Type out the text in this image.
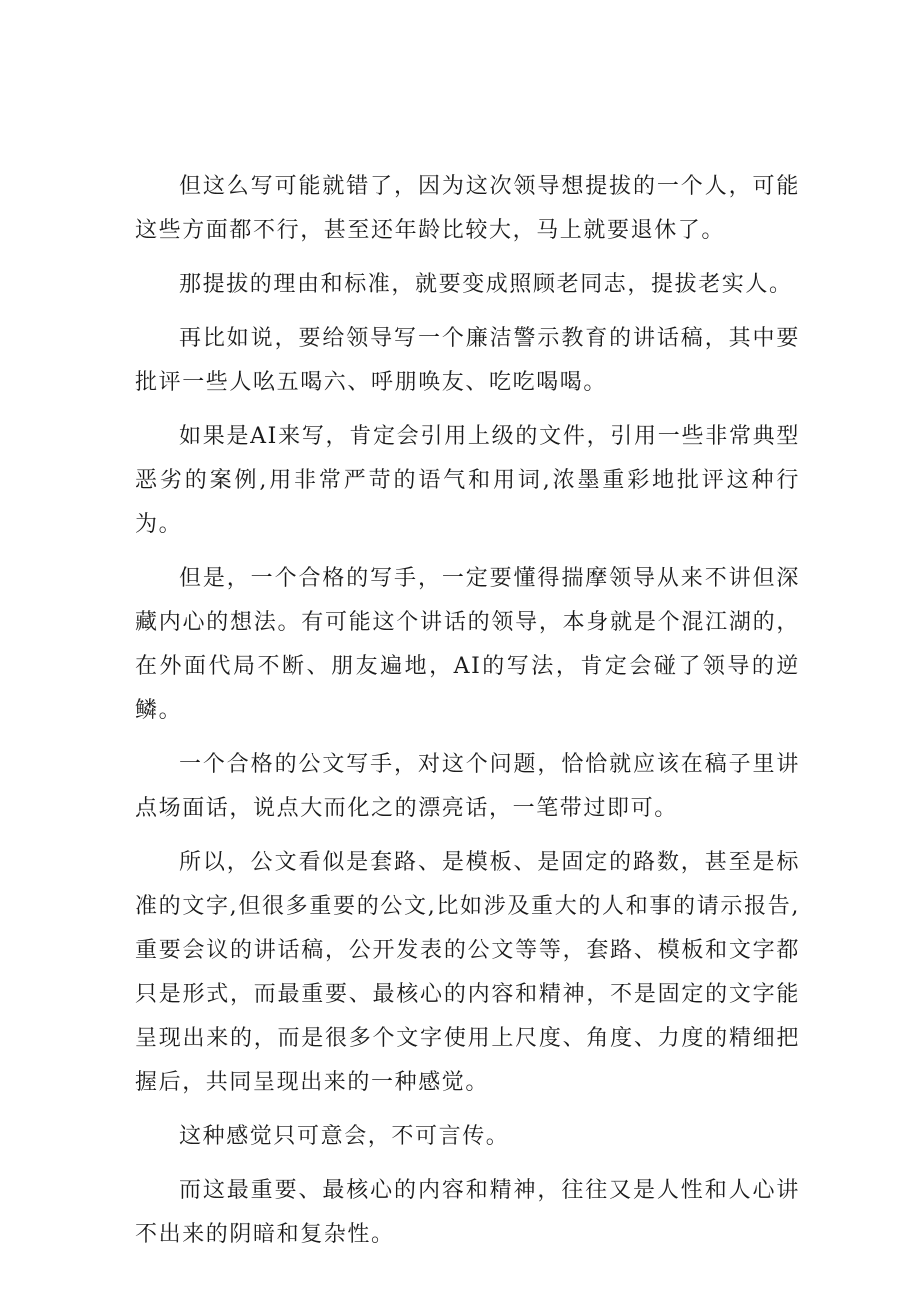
但这么写可能就错了，因为这次领导想提拔的一个人，可能这些方面都不行，甚至还年龄比较大，马上就要退休了。

那提拔的理由和标准，就要变成照顾老同志，提拔老实人。

再比如说，要给领导写一个廉洁警示教育的讲话稿，其中要批评一些人吆五喝六、呼朋唤友、吃吃喝喝。

如果是AI来写，肯定会引用上级的文件，引用一些非常典型恶劣的案例,用非常严苛的语气和用词,浓墨重彩地批评这种行为。

但是，一个合格的写手，一定要懂得揣摩领导从来不讲但深藏内心的想法。有可能这个讲话的领导，本身就是个混江湖的，在外面代局不断、朋友遍地，AI的写法，肯定会碰了领导的逆鳞。

一个合格的公文写手，对这个问题，恰恰就应该在稿子里讲点场面话，说点大而化之的漂亮话，一笔带过即可。

所以，公文看似是套路、是模板、是固定的路数，甚至是标准的文字,但很多重要的公文,比如涉及重大的人和事的请示报告,重要会议的讲话稿，公开发表的公文等等，套路、模板和文字都只是形式，而最重要、最核心的内容和精神，不是固定的文字能呈现出来的，而是很多个文字使用上尺度、角度、力度的精细把握后，共同呈现出来的一种感觉。

这种感觉只可意会，不可言传。

而这最重要、最核心的内容和精神，往往又是人性和人心讲不出来的阴暗和复杂性。
